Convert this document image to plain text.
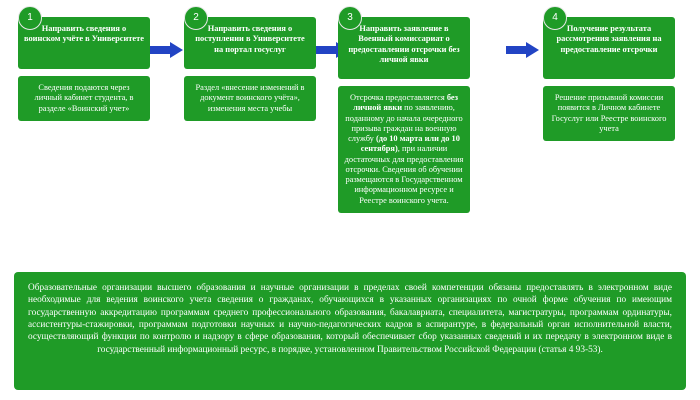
1
Направить сведения о воинском учёте в Университете
Сведения подаются через личный кабинет студента, в разделе «Воинский учет»
2
Направить сведения о поступлении в Университете на портал госуслуг
Раздел «внесение изменений в документ воинского учёта», изменения места учебы
3
Направить заявление в Военный комиссариат о предоставлении отсрочки без личной явки
Отсрочка предоставляется без личной явки по заявлению, поданному до начала очередного призыва граждан на военную службу (до 10 марта или до 10 сентября), при наличии достаточных для предоставления отсрочки. Сведения об обучении размещаются в Государственном информационном ресурсе и Реестре воинского учета.
4
Получение результата рассмотрения заявления на предоставление отсрочки
Решение призывной комиссии появится в Личном кабинете Госуслуг или Реестре воинского учета
Образовательные организации высшего образования и научные организации в пределах своей компетенции обязаны предоставлять в электронном виде необходимые для ведения воинского учета сведения о гражданах, обучающихся в указанных организациях по очной форме обучения по имеющим государственную аккредитацию программам среднего профессионального образования, бакалавриата, специалитета, магистратуры, программам ординатуры, ассистентуры-стажировки, программам подготовки научных и научно-педагогических кадров в аспирантуре, в федеральный орган исполнительной власти, осуществляющий функции по контролю и надзору в сфере образования, который обеспечивает сбор указанных сведений и их передачу в электронном виде в государственный информационный ресурс, в порядке, установленном Правительством Российской Федерации (статья 4 93-53).
